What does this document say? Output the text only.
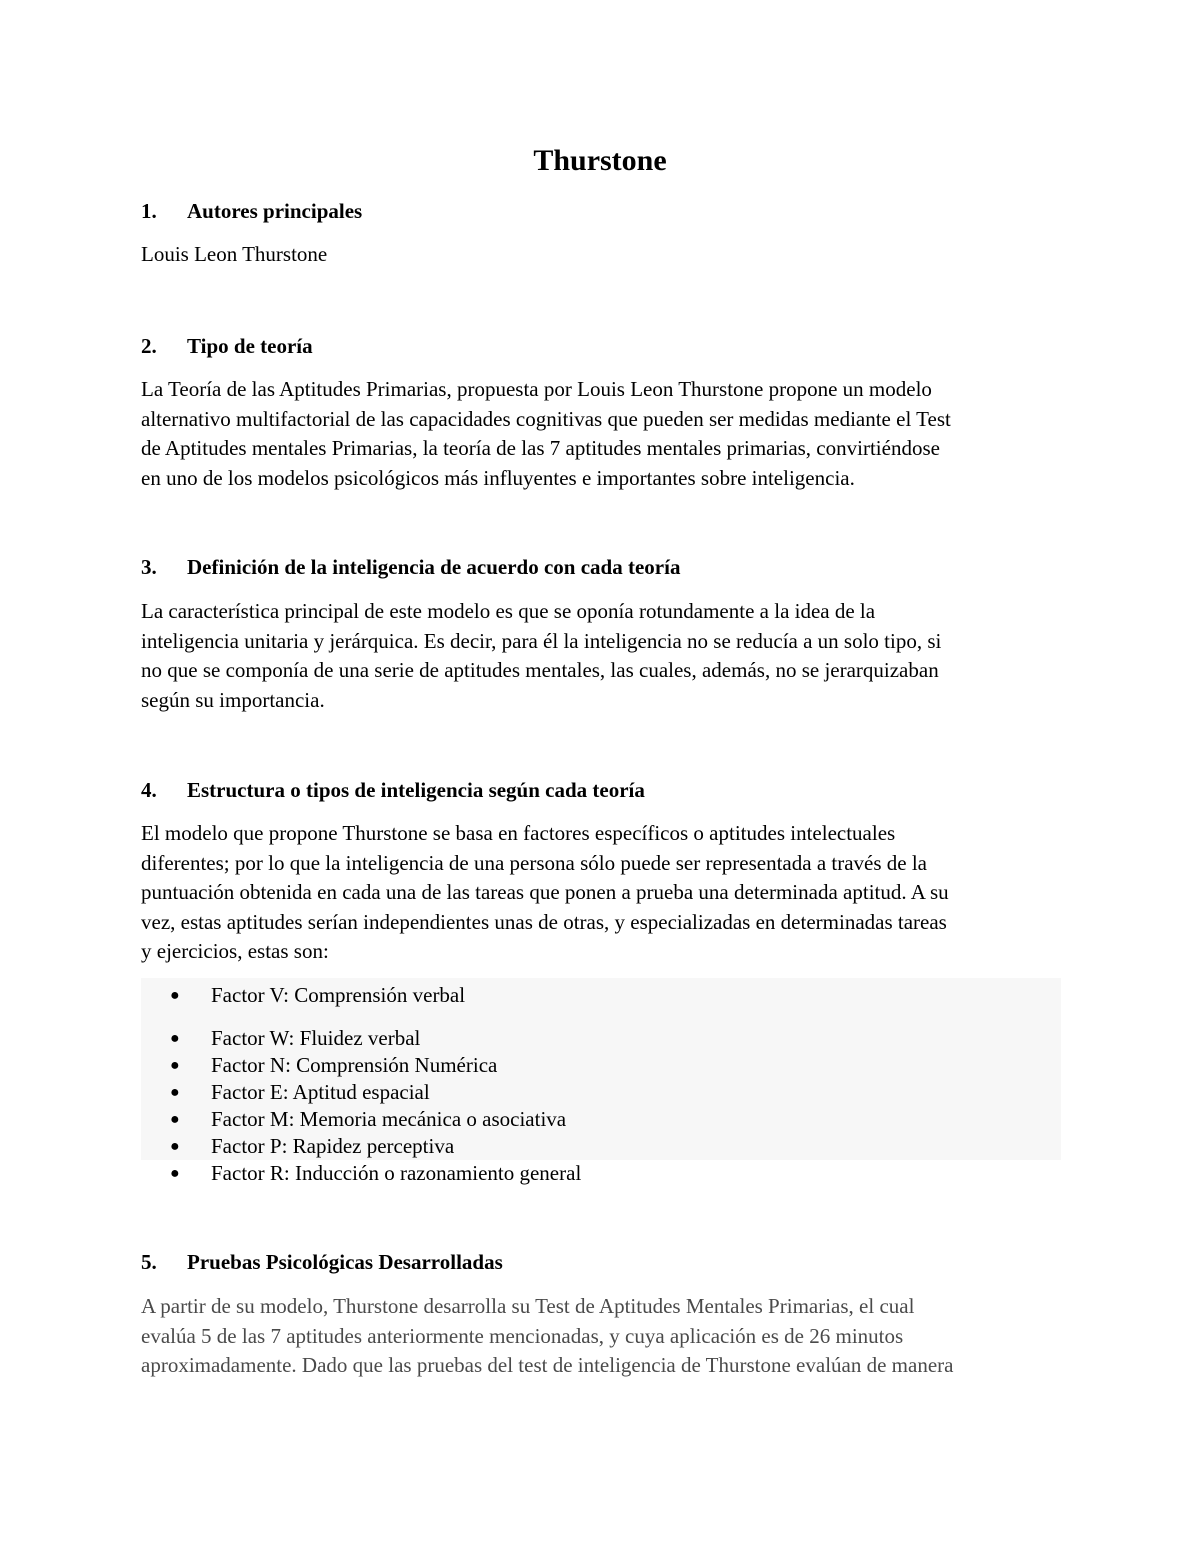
Thurstone
1. Autores principales

Louis Leon Thurstone

2. Tipo de teoría

La Teoría de las Aptitudes Primarias, propuesta por Louis Leon Thurstone propone un modelo
alternativo multifactorial de las capacidades cognitivas que pueden ser medidas mediante el Test
de Aptitudes mentales Primarias, la teoría de las 7 aptitudes mentales primarias, convirtiéndose
en uno de los modelos psicológicos más influyentes e importantes sobre inteligencia.

3. Definición de la inteligencia de acuerdo con cada teoría

La característica principal de este modelo es que se oponía rotundamente a la idea de la
inteligencia unitaria y jerárquica. Es decir, para él la inteligencia no se reducía a un solo tipo, si
no que se componía de una serie de aptitudes mentales, las cuales, además, no se jerarquizaban
según su importancia.

4. Estructura o tipos de inteligencia según cada teoría

El modelo que propone Thurstone se basa en factores específicos o aptitudes intelectuales
diferentes; por lo que la inteligencia de una persona sólo puede ser representada a través de la
puntuación obtenida en cada una de las tareas que ponen a prueba una determinada aptitud. A su
vez, estas aptitudes serían independientes unas de otras, y especializadas en determinadas tareas
y ejercicios, estas son:

● Factor V: Comprensión verbal
● Factor W: Fluidez verbal
● Factor N: Comprensión Numérica
● Factor E: Aptitud espacial
● Factor M: Memoria mecánica o asociativa
● Factor P: Rapidez perceptiva
● Factor R: Inducción o razonamiento general
5. Pruebas Psicológicas Desarrolladas

A partir de su modelo, Thurstone desarrolla su Test de Aptitudes Mentales Primarias, el cual
evalúa 5 de las 7 aptitudes anteriormente mencionadas, y cuya aplicación es de 26 minutos
aproximadamente. Dado que las pruebas del test de inteligencia de Thurstone evalúan de manera
